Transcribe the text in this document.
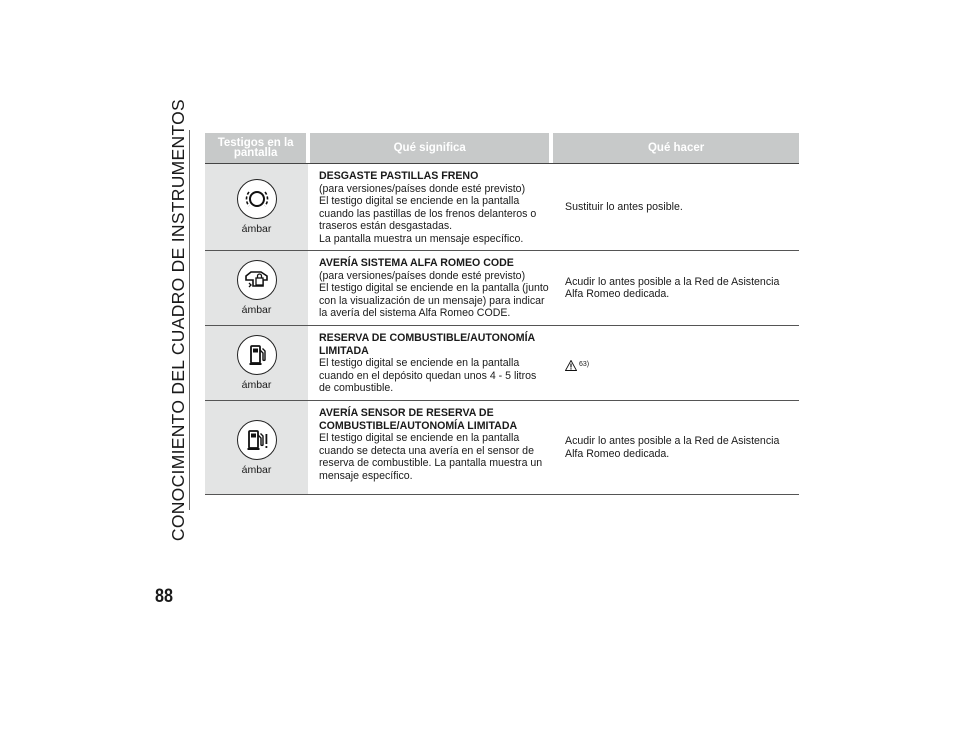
CONOCIMIENTO DEL CUADRO DE INSTRUMENTOS
88
Testigos en la pantalla	Qué significa	Qué hacer
ámbar
DESGASTE PASTILLAS FRENO
(para versiones/países donde esté previsto)
El testigo digital se enciende en la pantalla cuando las pastillas de los frenos delanteros o traseros están desgastadas.
La pantalla muestra un mensaje específico.
Sustituir lo antes posible.
ámbar
AVERÍA SISTEMA ALFA ROMEO CODE
(para versiones/países donde esté previsto)
El testigo digital se enciende en la pantalla (junto con la visualización de un mensaje) para indicar la avería del sistema Alfa Romeo CODE.
Acudir lo antes posible a la Red de Asistencia Alfa Romeo dedicada.
ámbar
RESERVA DE COMBUSTIBLE/AUTONOMÍA LIMITADA
El testigo digital se enciende en la pantalla cuando en el depósito quedan unos 4 - 5 litros de combustible.
63)
ámbar
AVERÍA SENSOR DE RESERVA DE COMBUSTIBLE/AUTONOMÍA LIMITADA
El testigo digital se enciende en la pantalla cuando se detecta una avería en el sensor de reserva de combustible. La pantalla muestra un mensaje específico.
Acudir lo antes posible a la Red de Asistencia Alfa Romeo dedicada.
